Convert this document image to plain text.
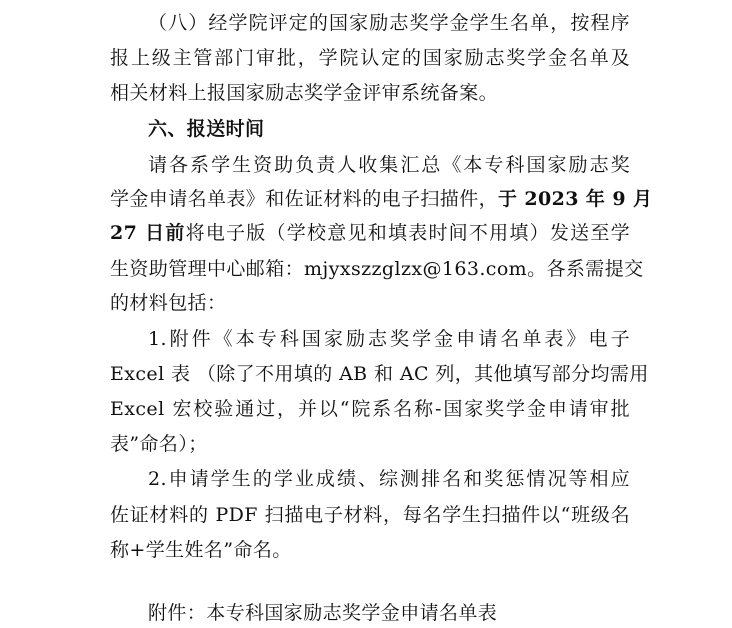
（八）经学院评定的国家励志奖学金学生名单，按程序
报上级主管部门审批，学院认定的国家励志奖学金名单及
相关材料上报国家励志奖学金评审系统备案。
六、报送时间
请各系学生资助负责人收集汇总《本专科国家励志奖
学金申请名单表》和佐证材料的电子扫描件，于 2023 年 9 月
27 日前将电子版（学校意见和填表时间不用填）发送至学
生资助管理中心邮箱：mjyxszzglzx@163.com。各系需提交
的材料包括：
1.附件《本专科国家励志奖学金申请名单表》电子
Excel 表 （除了不用填的 AB 和 AC 列，其他填写部分均需用
Excel 宏校验通过，并以“院系名称-国家奖学金申请审批
表”命名）；
2.申请学生的学业成绩、综测排名和奖惩情况等相应
佐证材料的 PDF 扫描电子材料，每名学生扫描件以“班级名
称+学生姓名”命名。
附件：本专科国家励志奖学金申请名单表
